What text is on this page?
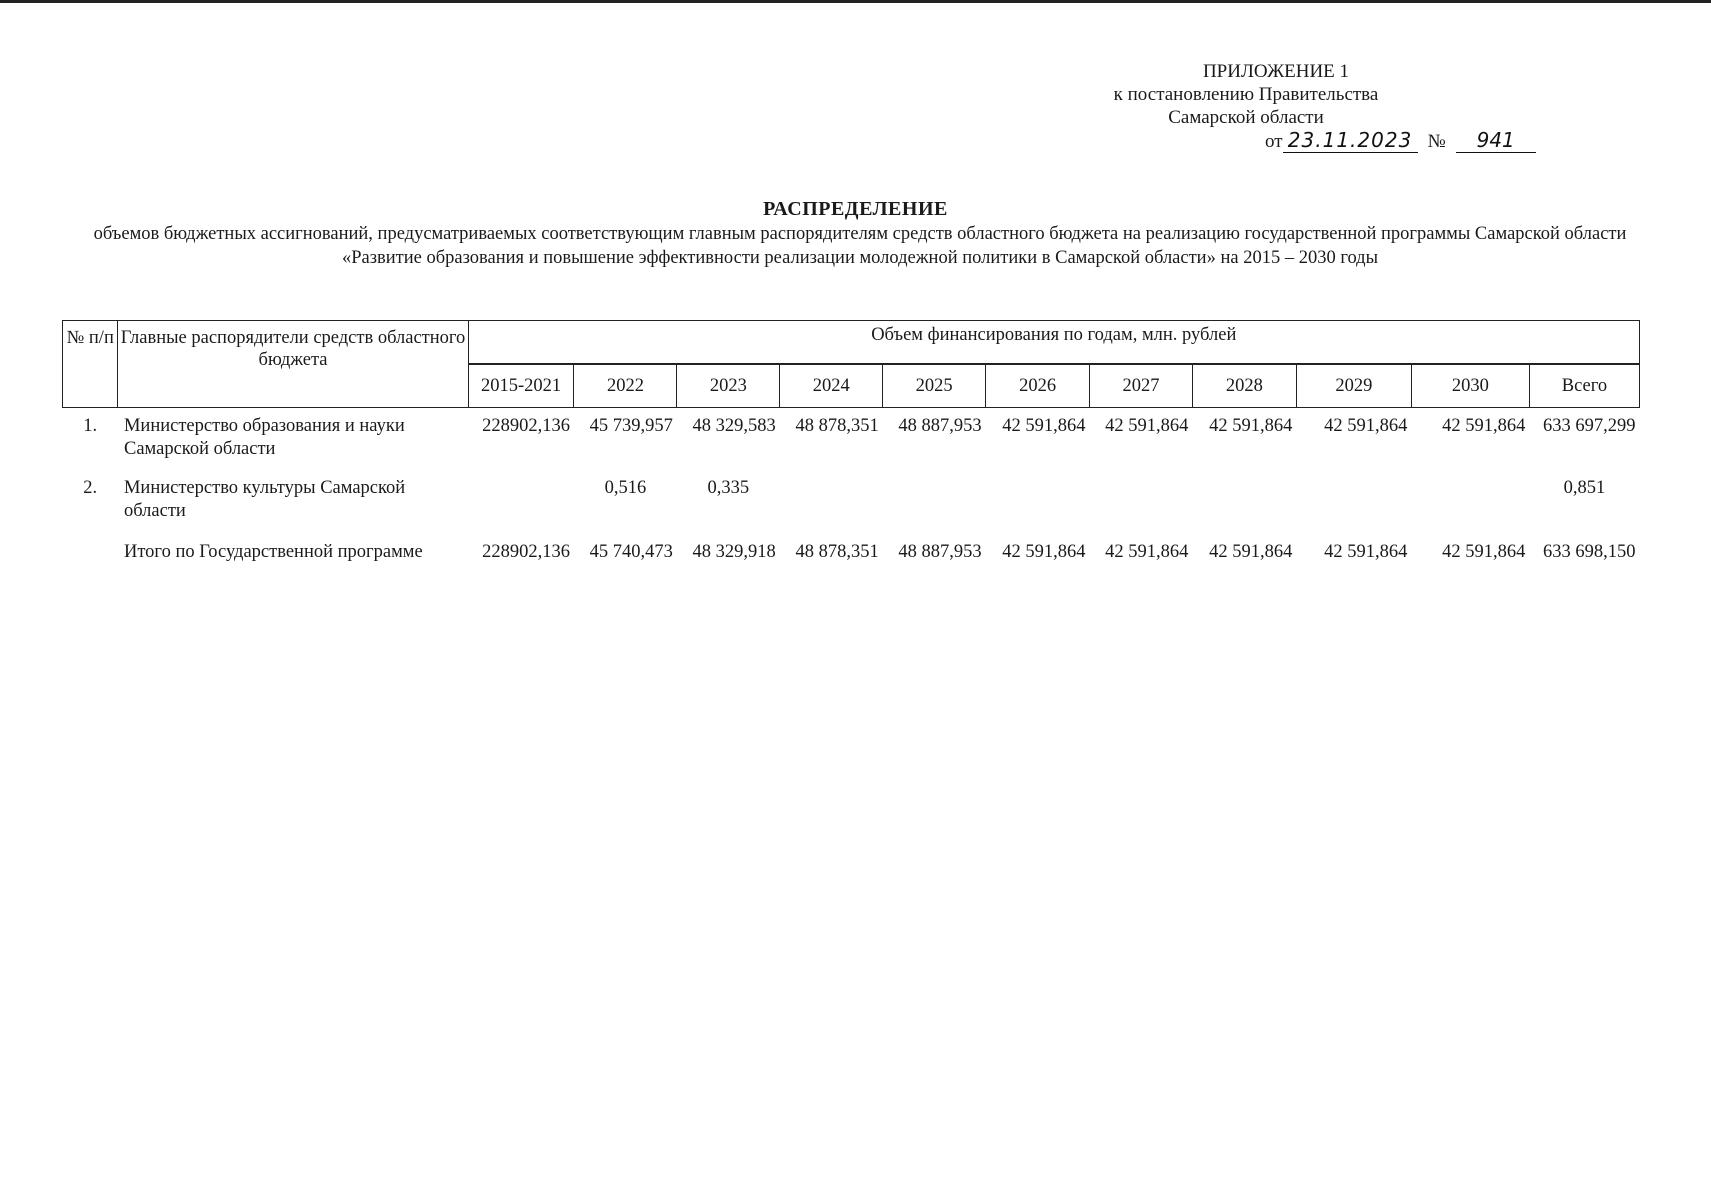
ПРИЛОЖЕНИЕ 1
к постановлению Правительства
Самарской области
от 23.11.2023 № 941
РАСПРЕДЕЛЕНИЕ
объемов бюджетных ассигнований, предусматриваемых соответствующим главным распорядителям средств областного бюджета на реализацию государственной программы Самарской области «Развитие образования и повышение эффективности реализации молодежной политики в Самарской области» на 2015 – 2030 годы
№ п/п	Главные распорядители средств областного бюджета	Объем финансирования по годам, млн. рублей										
		2015-2021	2022	2023	2024	2025	2026	2027	2028	2029	2030	Всего
1.	Министерство образования и науки Самарской области	228902,136	45 739,957	48 329,583	48 878,351	48 887,953	42 591,864	42 591,864	42 591,864	42 591,864	42 591,864	633 697,299
2.	Министерство культуры Самарской области		0,516	0,335								0,851
	Итого по Государственной программе	228902,136	45 740,473	48 329,918	48 878,351	48 887,953	42 591,864	42 591,864	42 591,864	42 591,864	42 591,864	633 698,150
